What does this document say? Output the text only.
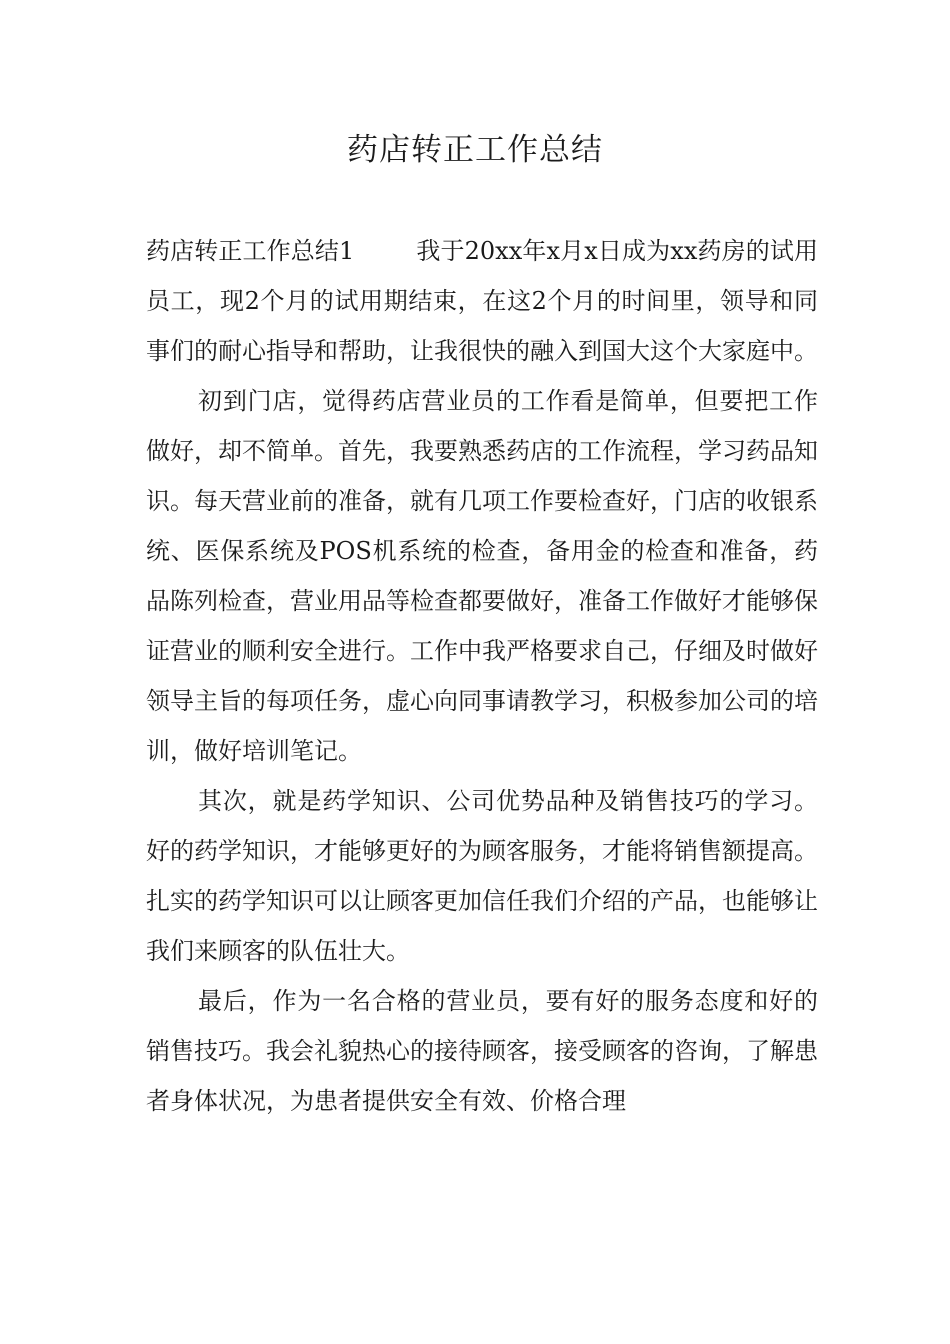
药店转正工作总结

药店转正工作总结1	我于20xx年x月x日成为xx药房的试用员工，现2个月的试用期结束，在这2个月的时间里，领导和同事们的耐心指导和帮助，让我很快的融入到国大这个大家庭中。

初到门店，觉得药店营业员的工作看是简单，但要把工作做好，却不简单。首先，我要熟悉药店的工作流程，学习药品知识。每天营业前的准备，就有几项工作要检查好，门店的收银系统、医保系统及POS机系统的检查，备用金的检查和准备，药品陈列检查，营业用品等检查都要做好，准备工作做好才能够保证营业的顺利安全进行。工作中我严格要求自己，仔细及时做好领导主旨的每项任务，虚心向同事请教学习，积极参加公司的培训，做好培训笔记。

其次，就是药学知识、公司优势品种及销售技巧的学习。好的药学知识，才能够更好的为顾客服务，才能将销售额提高。扎实的药学知识可以让顾客更加信任我们介绍的产品，也能够让我们来顾客的队伍壮大。

最后，作为一名合格的营业员，要有好的服务态度和好的销售技巧。我会礼貌热心的接待顾客，接受顾客的咨询，了解患者身体状况，为患者提供安全有效、价格合理
